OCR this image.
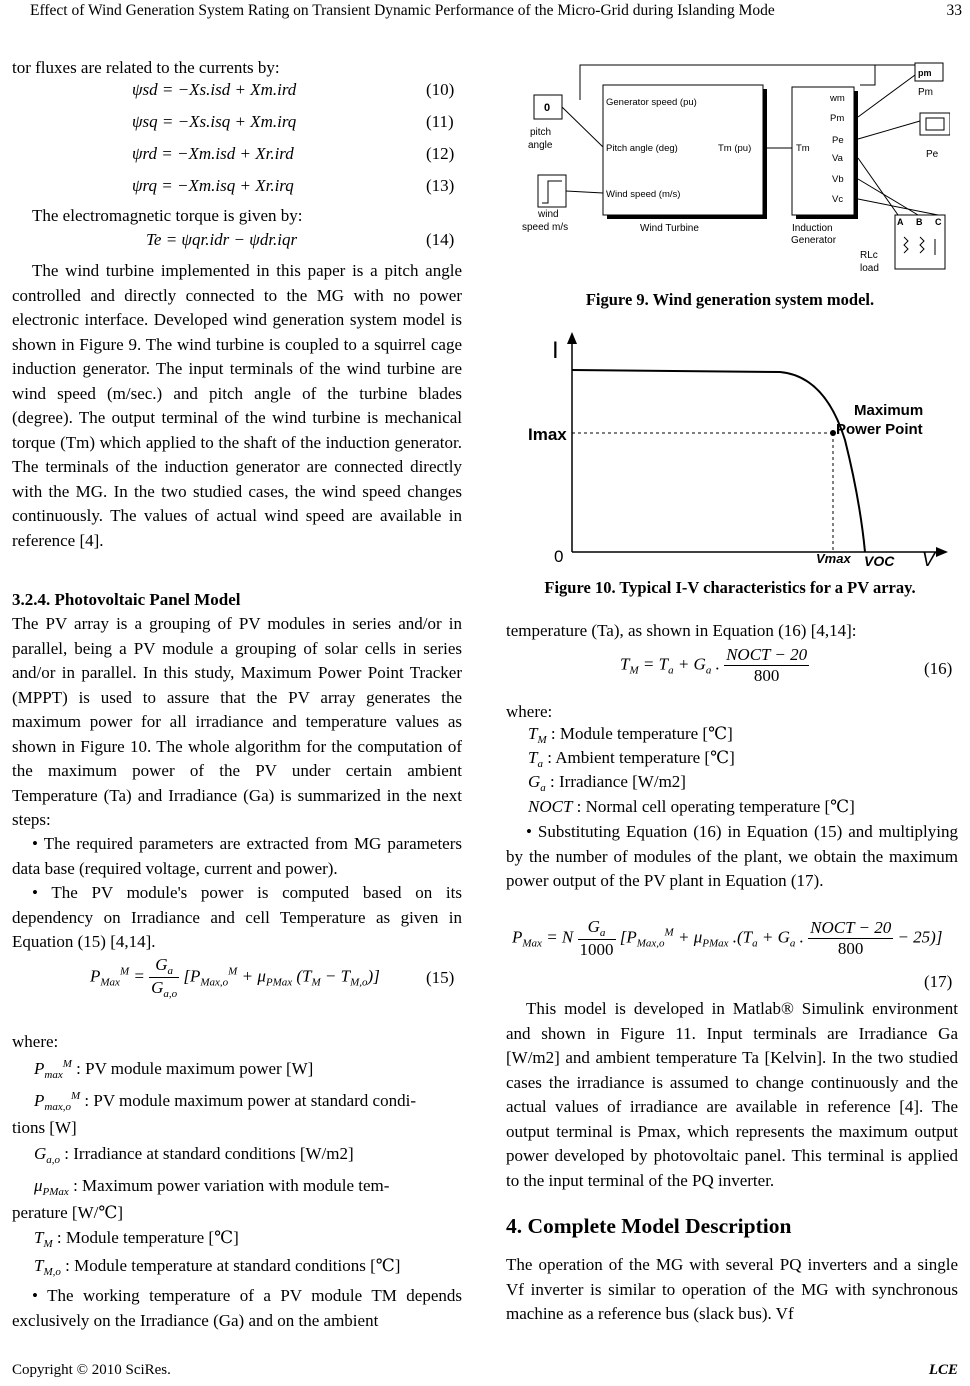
Effect of Wind Generation System Rating on Transient Dynamic Performance of the Micro-Grid during Islanding Mode	33

tor fluxes are related to the currents by:

ψsd = −Xs.isd + Xm.ird	(10)
ψsq = −Xs.isq + Xm.irq	(11)
ψrd = −Xm.isd + Xr.ird	(12)
ψrq = −Xm.isq + Xr.irq	(13)

The electromagnetic torque is given by:

Te = ψqr.idr − ψdr.iqr	(14)

The wind turbine implemented in this paper is a pitch angle controlled and directly connected to the MG with no power electronic interface. Developed wind generation system model is shown in Figure 9. The wind turbine is coupled to a squirrel cage induction generator. The input terminals of the wind turbine are wind speed (m/sec.) and pitch angle of the turbine blades (degree). The output terminal of the wind turbine is mechanical torque (Tm) which applied to the shaft of the induction generator. The terminals of the induction generator are connected directly with the MG. In the two studied cases, the wind speed changes continuously. The values of actual wind speed are available in reference [4].

3.2.4. Photovoltaic Panel Model

The PV array is a grouping of PV modules in series and/or in parallel, being a PV module a grouping of solar cells in series and/or in parallel. In this study, Maximum Power Point Tracker (MPPT) is used to assure that the PV array generates the maximum power for all irradiance and temperature values as shown in Figure 10. The whole algorithm for the computation of the maximum power of the PV under certain ambient Temperature (Ta) and Irradiance (Ga) is summarized in the next steps:

• The required parameters are extracted from MG parameters data base (required voltage, current and power).

• The PV module's power is computed based on its dependency on Irradiance and cell Temperature as given in Equation (15) [4,14].

$P_{Max}^M = \frac{G_a}{G_{a,o}} [P_{Max,o}^M + \mu_{PMax}$ $(T_M - T_{M,o})$]	(15)

where:

$P_{max}^M$ : PV module maximum power [W]
$P_{max,o}^M$ : PV module maximum power at standard condi-
tions [W]
$G_{a,o}$ : Irradiance at standard conditions [W/m2]
$\mu_{PMax}$ : Maximum power variation with module tem-
perature [W/℃]
$T_M$ : Module temperature [℃]
$T_{M,o}$ : Module temperature at standard conditions [℃]

• The working temperature of a PV module TM depends exclusively on the Irradiance (Ga) and on the ambient

0
pitch
angle
wind
speed m/s
Generator speed (pu)
Pitch angle (deg)
Wind speed (m/s)
Tm (pu)
Wind Turbine
wm
Pm
Pe
Va
Vb
Vc
Tm
Induction
Generator
pm
Pm
Pe
A B C
RLc
load
Figure 9. Wind generation system model.
I
0	V
Imax
Vmax VOC
Maximum
Power Point
Figure 10. Typical I-V characteristics for a PV array.

temperature (Ta), as shown in Equation (16) [4,14]:

$T_M = T_a + G_a$ . $\frac{\text{NOCT − 20}}{800}$	(16)

where:

$T_M$ : Module temperature [℃]
$T_a$ : Ambient temperature [℃]
$G_a$ : Irradiance [W/m2]
NOCT : Normal cell operating temperature [℃]

• Substituting Equation (16) in Equation (15) and multiplying by the number of modules of the plant, we obtain the maximum power output of the PV plant in Equation (17).

$P_{Max} = N \frac{G_a}{1000} [P_{Max,o}^M + \mu_{PMax}$ $.(T_a + G_a$ . $\frac{\text{NOCT − 20}}{800} - 25$)]
(17)

This model is developed in Matlab® Simulink environment and shown in Figure 11. Input terminals are Irradiance Ga [W/m2] and ambient temperature Ta [Kelvin]. In the two studied cases the irradiance is assumed to change continuously and the actual values of irradiance are available in reference [4]. The output terminal is Pmax, which represents the maximum output power developed by photovoltaic panel. This terminal is applied to the input terminal of the PQ inverter.

4. Complete Model Description

The operation of the MG with several PQ inverters and a single Vf inverter is similar to operation of the MG with synchronous machine as a reference bus (slack bus). Vf

Copyright © 2010 SciRes.	LCE
